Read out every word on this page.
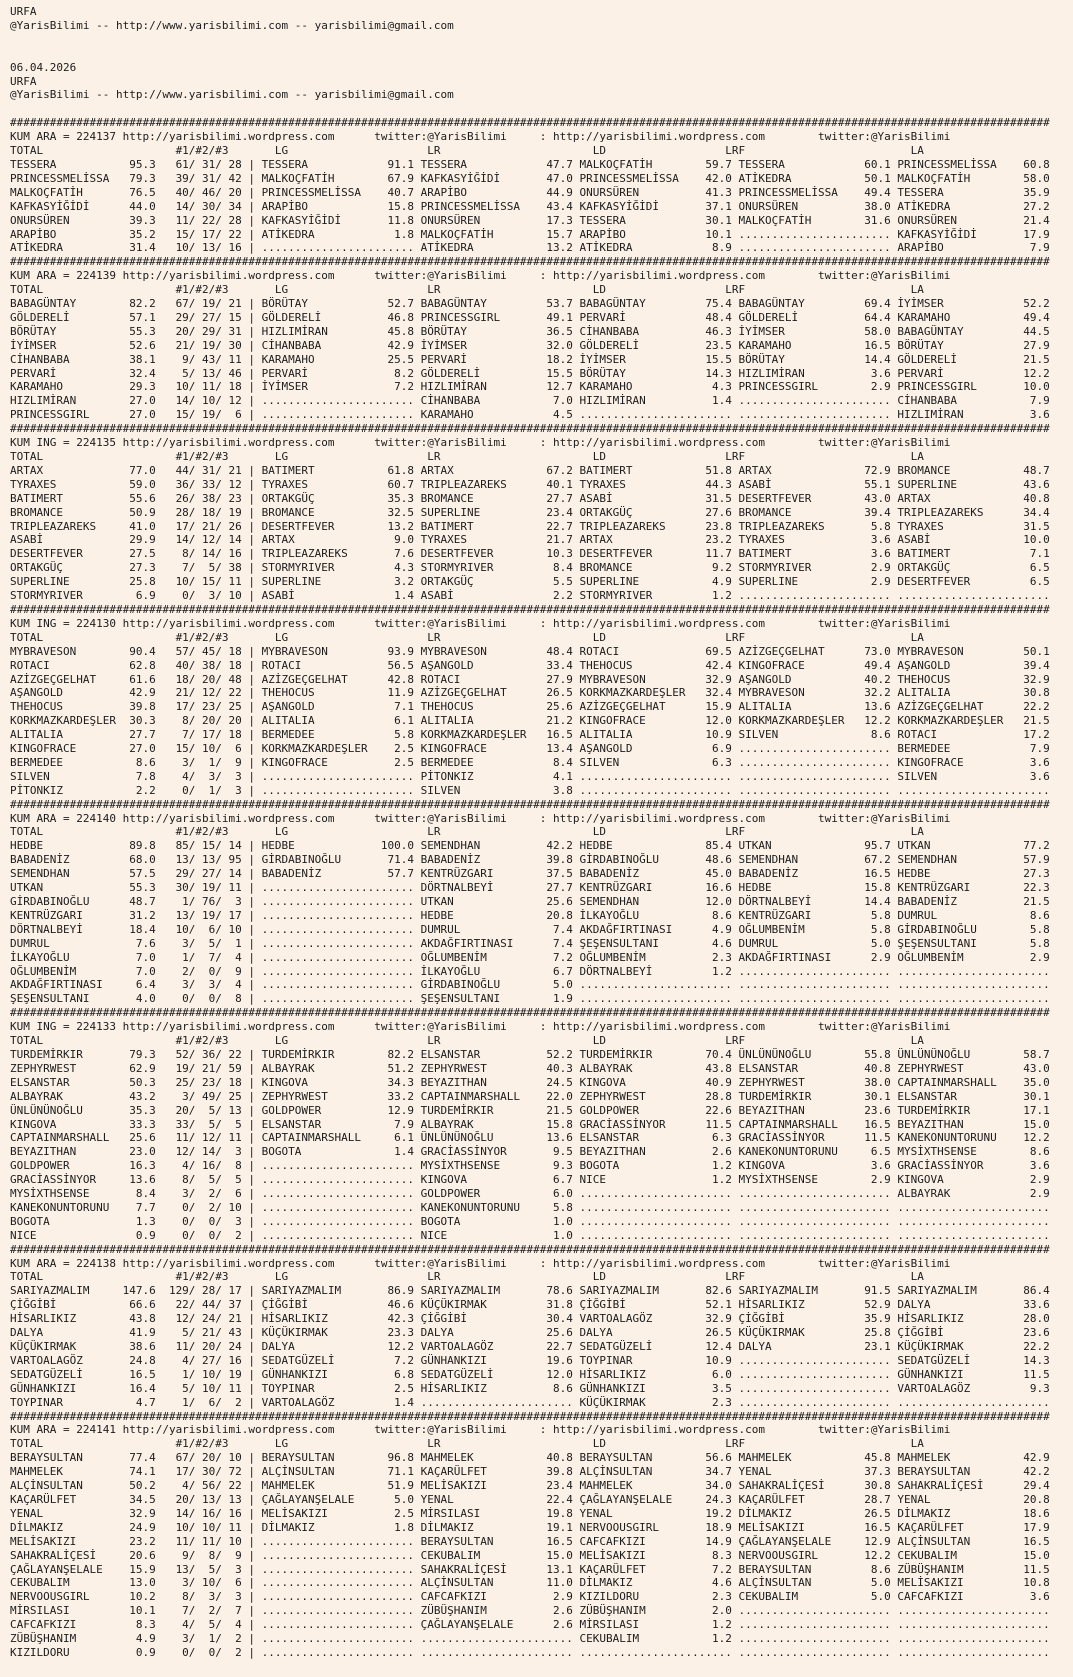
URFA
@YarisBilimi -- http://www.yarisbilimi.com -- yarisbilimi@gmail.com

06.04.2026
URFA
@YarisBilimi -- http://www.yarisbilimi.com -- yarisbilimi@gmail.com

#############################################################################################################################################################
KUM ARA = 224137 http://yarisbilimi.wordpress.com      twitter:@YarisBilimi     : http://yarisbilimi.wordpress.com        twitter:@YarisBilimi
TOTAL                    #1/#2/#3       LG                     LR                       LD                  LRF                         LA
TESSERA           95.3   61/ 31/ 28 | TESSERA            91.1 TESSERA            47.7 MALKOÇFATİH        59.7 TESSERA            60.1 PRINCESSMELİSSA    60.8
PRINCESSMELİSSA   79.3   39/ 31/ 42 | MALKOÇFATİH        67.9 KAFKASYİĞİDİ       47.0 PRINCESSMELİSSA    42.0 ATİKEDRA           50.1 MALKOÇFATİH        58.0
MALKOÇFATİH       76.5   40/ 46/ 20 | PRINCESSMELİSSA    40.7 ARAPİBO            44.9 ONURSÜREN          41.3 PRINCESSMELİSSA    49.4 TESSERA            35.9
KAFKASYİĞİDİ      44.0   14/ 30/ 34 | ARAPİBO            15.8 PRINCESSMELİSSA    43.4 KAFKASYİĞİDİ       37.1 ONURSÜREN          38.0 ATİKEDRA           27.2
ONURSÜREN         39.3   11/ 22/ 28 | KAFKASYİĞİDİ       11.8 ONURSÜREN          17.3 TESSERA            30.1 MALKOÇFATİH        31.6 ONURSÜREN          21.4
ARAPİBO           35.2   15/ 17/ 22 | ATİKEDRA            1.8 MALKOÇFATİH        15.7 ARAPİBO            10.1 ....................... KAFKASYİĞİDİ       17.9
ATİKEDRA          31.4   10/ 13/ 16 | ....................... ATİKEDRA           13.2 ATİKEDRA            8.9 ....................... ARAPİBO             7.9
#############################################################################################################################################################
KUM ARA = 224139 http://yarisbilimi.wordpress.com      twitter:@YarisBilimi     : http://yarisbilimi.wordpress.com        twitter:@YarisBilimi
TOTAL                    #1/#2/#3       LG                     LR                       LD                  LRF                         LA
BABAGÜNTAY        82.2   67/ 19/ 21 | BÖRÜTAY            52.7 BABAGÜNTAY         53.7 BABAGÜNTAY         75.4 BABAGÜNTAY         69.4 İYİMSER            52.2
GÖLDERELİ         57.1   29/ 27/ 15 | GÖLDERELİ          46.8 PRINCESSGIRL       49.1 PERVARİ            48.4 GÖLDERELİ          64.4 KARAMAHO           49.4
BÖRÜTAY           55.3   20/ 29/ 31 | HIZLIMİRAN         45.8 BÖRÜTAY            36.5 CİHANBABA          46.3 İYİMSER            58.0 BABAGÜNTAY         44.5
İYİMSER           52.6   21/ 19/ 30 | CİHANBABA          42.9 İYİMSER            32.0 GÖLDERELİ          23.5 KARAMAHO           16.5 BÖRÜTAY            27.9
CİHANBABA         38.1    9/ 43/ 11 | KARAMAHO           25.5 PERVARİ            18.2 İYİMSER            15.5 BÖRÜTAY            14.4 GÖLDERELİ          21.5
PERVARİ           32.4    5/ 13/ 46 | PERVARİ             8.2 GÖLDERELİ          15.5 BÖRÜTAY            14.3 HIZLIMİRAN          3.6 PERVARİ            12.2
KARAMAHO          29.3   10/ 11/ 18 | İYİMSER             7.2 HIZLIMİRAN         12.7 KARAMAHO            4.3 PRINCESSGIRL        2.9 PRINCESSGIRL       10.0
HIZLIMİRAN        27.0   14/ 10/ 12 | ....................... CİHANBABA           7.0 HIZLIMİRAN          1.4 ....................... CİHANBABA           7.9
PRINCESSGIRL      27.0   15/ 19/  6 | ....................... KARAMAHO            4.5 ....................... ....................... HIZLIMİRAN          3.6
#############################################################################################################################################################
KUM ING = 224135 http://yarisbilimi.wordpress.com      twitter:@YarisBilimi     : http://yarisbilimi.wordpress.com        twitter:@YarisBilimi
TOTAL                    #1/#2/#3       LG                     LR                       LD                  LRF                         LA
ARTAX             77.0   44/ 31/ 21 | BATIMERT           61.8 ARTAX              67.2 BATIMERT           51.8 ARTAX              72.9 BROMANCE           48.7
TYRAXES           59.0   36/ 33/ 12 | TYRAXES            60.7 TRIPLEAZAREKS      40.1 TYRAXES            44.3 ASABİ              55.1 SUPERLINE          43.6
BATIMERT          55.6   26/ 38/ 23 | ORTAKGÜÇ           35.3 BROMANCE           27.7 ASABİ              31.5 DESERTFEVER        43.0 ARTAX              40.8
BROMANCE          50.9   28/ 18/ 19 | BROMANCE           32.5 SUPERLINE          23.4 ORTAKGÜÇ           27.6 BROMANCE           39.4 TRIPLEAZAREKS      34.4
TRIPLEAZAREKS     41.0   17/ 21/ 26 | DESERTFEVER        13.2 BATIMERT           22.7 TRIPLEAZAREKS      23.8 TRIPLEAZAREKS       5.8 TYRAXES            31.5
ASABİ             29.9   14/ 12/ 14 | ARTAX               9.0 TYRAXES            21.7 ARTAX              23.2 TYRAXES             3.6 ASABİ              10.0
DESERTFEVER       27.5    8/ 14/ 16 | TRIPLEAZAREKS       7.6 DESERTFEVER        10.3 DESERTFEVER        11.7 BATIMERT            3.6 BATIMERT            7.1
ORTAKGÜÇ          27.3    7/  5/ 38 | STORMYRIVER         4.3 STORMYRIVER         8.4 BROMANCE            9.2 STORMYRIVER         2.9 ORTAKGÜÇ            6.5
SUPERLINE         25.8   10/ 15/ 11 | SUPERLINE           3.2 ORTAKGÜÇ            5.5 SUPERLINE           4.9 SUPERLINE           2.9 DESERTFEVER         6.5
STORMYRIVER        6.9    0/  3/ 10 | ASABİ               1.4 ASABİ               2.2 STORMYRIVER         1.2 ....................... .......................
#############################################################################################################################################################
KUM ING = 224130 http://yarisbilimi.wordpress.com      twitter:@YarisBilimi     : http://yarisbilimi.wordpress.com        twitter:@YarisBilimi
TOTAL                    #1/#2/#3       LG                     LR                       LD                  LRF                         LA
MYBRAVESON        90.4   57/ 45/ 18 | MYBRAVESON         93.9 MYBRAVESON         48.4 ROTACI             69.5 AZİZGEÇGELHAT      73.0 MYBRAVESON         50.1
ROTACI            62.8   40/ 38/ 18 | ROTACI             56.5 AŞANGOLD           33.4 THEHOCUS           42.4 KINGOFRACE         49.4 AŞANGOLD           39.4
AZİZGEÇGELHAT     61.6   18/ 20/ 48 | AZİZGEÇGELHAT      42.8 ROTACI             27.9 MYBRAVESON         32.9 AŞANGOLD           40.2 THEHOCUS           32.9
AŞANGOLD          42.9   21/ 12/ 22 | THEHOCUS           11.9 AZİZGEÇGELHAT      26.5 KORKMAZKARDEŞLER   32.4 MYBRAVESON         32.2 ALITALIA           30.8
THEHOCUS          39.8   17/ 23/ 25 | AŞANGOLD            7.1 THEHOCUS           25.6 AZİZGEÇGELHAT      15.9 ALITALIA           13.6 AZİZGEÇGELHAT      22.2
KORKMAZKARDEŞLER  30.3    8/ 20/ 20 | ALITALIA            6.1 ALITALIA           21.2 KINGOFRACE         12.0 KORKMAZKARDEŞLER   12.2 KORKMAZKARDEŞLER   21.5
ALITALIA          27.7    7/ 17/ 18 | BERMEDEE            5.8 KORKMAZKARDEŞLER   16.5 ALITALIA           10.9 SILVEN              8.6 ROTACI             17.2
KINGOFRACE        27.0   15/ 10/  6 | KORKMAZKARDEŞLER    2.5 KINGOFRACE         13.4 AŞANGOLD            6.9 ....................... BERMEDEE            7.9
BERMEDEE           8.6    3/  1/  9 | KINGOFRACE          2.5 BERMEDEE            8.4 SILVEN              6.3 ....................... KINGOFRACE          3.6
SILVEN             7.8    4/  3/  3 | ....................... PİTONKIZ            4.1 ....................... ....................... SILVEN              3.6
PİTONKIZ           2.2    0/  1/  3 | ....................... SILVEN              3.8 ....................... ....................... .......................
#############################################################################################################################################################
KUM ARA = 224140 http://yarisbilimi.wordpress.com      twitter:@YarisBilimi     : http://yarisbilimi.wordpress.com        twitter:@YarisBilimi
TOTAL                    #1/#2/#3       LG                     LR                       LD                  LRF                         LA
HEDBE             89.8   85/ 15/ 14 | HEDBE             100.0 SEMENDHAN          42.2 HEDBE              85.4 UTKAN              95.7 UTKAN              77.2
BABADENİZ         68.0   13/ 13/ 95 | GİRDABINOĞLU       71.4 BABADENİZ          39.8 GİRDABINOĞLU       48.6 SEMENDHAN          67.2 SEMENDHAN          57.9
SEMENDHAN         57.5   29/ 27/ 14 | BABADENİZ          57.7 KENTRÜZGARI        37.5 BABADENİZ          45.0 BABADENİZ          16.5 HEDBE              27.3
UTKAN             55.3   30/ 19/ 11 | ....................... DÖRTNALBEYİ        27.7 KENTRÜZGARI        16.6 HEDBE              15.8 KENTRÜZGARI        22.3
GİRDABINOĞLU      48.7    1/ 76/  3 | ....................... UTKAN              25.6 SEMENDHAN          12.0 DÖRTNALBEYİ        14.4 BABADENİZ          21.5
KENTRÜZGARI       31.2   13/ 19/ 17 | ....................... HEDBE              20.8 İLKAYOĞLU           8.6 KENTRÜZGARI         5.8 DUMRUL              8.6
DÖRTNALBEYİ       18.4   10/  6/ 10 | ....................... DUMRUL              7.4 AKDAĞFIRTINASI      4.9 OĞLUMBENİM          5.8 GİRDABINOĞLU        5.8
DUMRUL             7.6    3/  5/  1 | ....................... AKDAĞFIRTINASI      7.4 ŞEŞENSULTANI        4.6 DUMRUL              5.0 ŞEŞENSULTANI        5.8
İLKAYOĞLU          7.0    1/  7/  4 | ....................... OĞLUMBENİM          7.2 OĞLUMBENİM          2.3 AKDAĞFIRTINASI      2.9 OĞLUMBENİM          2.9
OĞLUMBENİM         7.0    2/  0/  9 | ....................... İLKAYOĞLU           6.7 DÖRTNALBEYİ         1.2 ....................... .......................
AKDAĞFIRTINASI     6.4    3/  3/  4 | ....................... GİRDABINOĞLU        5.0 ....................... ....................... .......................
ŞEŞENSULTANI       4.0    0/  0/  8 | ....................... ŞEŞENSULTANI        1.9 ....................... ....................... .......................
#############################################################################################################################################################
KUM ING = 224133 http://yarisbilimi.wordpress.com      twitter:@YarisBilimi     : http://yarisbilimi.wordpress.com        twitter:@YarisBilimi
TOTAL                    #1/#2/#3       LG                     LR                       LD                  LRF                         LA
TURDEMİRKIR       79.3   52/ 36/ 22 | TURDEMİRKIR        82.2 ELSANSTAR          52.2 TURDEMİRKIR        70.4 ÜNLÜNÜNOĞLU        55.8 ÜNLÜNÜNOĞLU        58.7
ZEPHYRWEST        62.9   19/ 21/ 59 | ALBAYRAK           51.2 ZEPHYRWEST         40.3 ALBAYRAK           43.8 ELSANSTAR          40.8 ZEPHYRWEST         43.0
ELSANSTAR         50.3   25/ 23/ 18 | KINGOVA            34.3 BEYAZITHAN         24.5 KINGOVA            40.9 ZEPHYRWEST         38.0 CAPTAINMARSHALL    35.0
ALBAYRAK          43.2    3/ 49/ 25 | ZEPHYRWEST         33.2 CAPTAINMARSHALL    22.0 ZEPHYRWEST         28.8 TURDEMİRKIR        30.1 ELSANSTAR          30.1
ÜNLÜNÜNOĞLU       35.3   20/  5/ 13 | GOLDPOWER          12.9 TURDEMİRKIR        21.5 GOLDPOWER          22.6 BEYAZITHAN         23.6 TURDEMİRKIR        17.1
KINGOVA           33.3   33/  5/  5 | ELSANSTAR           7.9 ALBAYRAK           15.8 GRACİASSİNYOR      11.5 CAPTAINMARSHALL    16.5 BEYAZITHAN         15.0
CAPTAINMARSHALL   25.6   11/ 12/ 11 | CAPTAINMARSHALL     6.1 ÜNLÜNÜNOĞLU        13.6 ELSANSTAR           6.3 GRACİASSİNYOR      11.5 KANEKONUNTORUNU    12.2
BEYAZITHAN        23.0   12/ 14/  3 | BOGOTA              1.4 GRACİASSİNYOR       9.5 BEYAZITHAN          2.6 KANEKONUNTORUNU     6.5 MYSİXTHSENSE        8.6
GOLDPOWER         16.3    4/ 16/  8 | ....................... MYSİXTHSENSE        9.3 BOGOTA              1.2 KINGOVA             3.6 GRACİASSİNYOR       3.6
GRACİASSİNYOR     13.6    8/  5/  5 | ....................... KINGOVA             6.7 NICE                1.2 MYSİXTHSENSE        2.9 KINGOVA             2.9
MYSİXTHSENSE       8.4    3/  2/  6 | ....................... GOLDPOWER           6.0 ....................... ....................... ALBAYRAK            2.9
KANEKONUNTORUNU    7.7    0/  2/ 10 | ....................... KANEKONUNTORUNU     5.8 ....................... ....................... .......................
BOGOTA             1.3    0/  0/  3 | ....................... BOGOTA              1.0 ....................... ....................... .......................
NICE               0.9    0/  0/  2 | ....................... NICE                1.0 ....................... ....................... .......................
#############################################################################################################################################################
KUM ARA = 224138 http://yarisbilimi.wordpress.com      twitter:@YarisBilimi     : http://yarisbilimi.wordpress.com        twitter:@YarisBilimi
TOTAL                    #1/#2/#3       LG                     LR                       LD                  LRF                         LA
SARIYAZMALIM     147.6  129/ 28/ 17 | SARIYAZMALIM       86.9 SARIYAZMALIM       78.6 SARIYAZMALIM       82.6 SARIYAZMALIM       91.5 SARIYAZMALIM       86.4
ÇİĞGİBİ           66.6   22/ 44/ 37 | ÇİĞGİBİ            46.6 KÜÇÜKIRMAK         31.8 ÇİĞGİBİ            52.1 HİSARLIKIZ         52.9 DALYA              33.6
HİSARLIKIZ        43.8   12/ 24/ 21 | HİSARLIKIZ         42.3 ÇİĞGİBİ            30.4 VARTOALAGÖZ        32.9 ÇİĞGİBİ            35.9 HİSARLIKIZ         28.0
DALYA             41.9    5/ 21/ 43 | KÜÇÜKIRMAK         23.3 DALYA              25.6 DALYA              26.5 KÜÇÜKIRMAK         25.8 ÇİĞGİBİ            23.6
KÜÇÜKIRMAK        38.6   11/ 20/ 24 | DALYA              12.2 VARTOALAGÖZ        22.7 SEDATGÜZELİ        12.4 DALYA              23.1 KÜÇÜKIRMAK         22.2
VARTOALAGÖZ       24.8    4/ 27/ 16 | SEDATGÜZELİ         7.2 GÜNHANKIZI         19.6 TOYPINAR           10.9 ....................... SEDATGÜZELİ        14.3
SEDATGÜZELİ       16.5    1/ 10/ 19 | GÜNHANKIZI          6.8 SEDATGÜZELİ        12.0 HİSARLIKIZ          6.0 ....................... GÜNHANKIZI         11.5
GÜNHANKIZI        16.4    5/ 10/ 11 | TOYPINAR            2.5 HİSARLIKIZ          8.6 GÜNHANKIZI          3.5 ....................... VARTOALAGÖZ         9.3
TOYPINAR           4.7    1/  6/  2 | VARTOALAGÖZ         1.4 ....................... KÜÇÜKIRMAK          2.3 ....................... .......................
#############################################################################################################################################################
KUM ARA = 224141 http://yarisbilimi.wordpress.com      twitter:@YarisBilimi     : http://yarisbilimi.wordpress.com        twitter:@YarisBilimi
TOTAL                    #1/#2/#3       LG                     LR                       LD                  LRF                         LA
BERAYSULTAN       77.4   67/ 20/ 10 | BERAYSULTAN        96.8 MAHMELEK           40.8 BERAYSULTAN        56.6 MAHMELEK           45.8 MAHMELEK           42.9
MAHMELEK          74.1   17/ 30/ 72 | ALÇİNSULTAN        71.1 KAÇARÜLFET         39.8 ALÇİNSULTAN        34.7 YENAL              37.3 BERAYSULTAN        42.2
ALÇİNSULTAN       50.2    4/ 56/ 22 | MAHMELEK           51.9 MELİSAKIZI         23.4 MAHMELEK           34.0 SAHAKRALİÇESİ      30.8 SAHAKRALİÇESİ      29.4
KAÇARÜLFET        34.5   20/ 13/ 13 | ÇAĞLAYANŞELALE      5.0 YENAL              22.4 ÇAĞLAYANŞELALE     24.3 KAÇARÜLFET         28.7 YENAL              20.8
YENAL             32.9   14/ 16/ 16 | MELİSAKIZI          2.5 MİRSILASI          19.8 YENAL              19.2 DİLMAKIZ           26.5 DİLMAKIZ           18.6
DİLMAKIZ          24.9   10/ 10/ 11 | DİLMAKIZ            1.8 DİLMAKIZ           19.1 NERVOOUSGIRL       18.9 MELİSAKIZI         16.5 KAÇARÜLFET         17.9
MELİSAKIZI        23.2   11/ 11/ 10 | ....................... BERAYSULTAN        16.5 CAFCAFKIZI         14.9 ÇAĞLAYANŞELALE     12.9 ALÇİNSULTAN        16.5
SAHAKRALİÇESİ     20.6    9/  8/  9 | ....................... CEKUBALIM          15.0 MELİSAKIZI          8.3 NERVOOUSGIRL       12.2 CEKUBALIM          15.0
ÇAĞLAYANŞELALE    15.9   13/  5/  3 | ....................... SAHAKRALİÇESİ      13.1 KAÇARÜLFET          7.2 BERAYSULTAN         8.6 ZÜBÜŞHANIM         11.5
CEKUBALIM         13.0    3/ 10/  6 | ....................... ALÇİNSULTAN        11.0 DİLMAKIZ            4.6 ALÇİNSULTAN         5.0 MELİSAKIZI         10.8
NERVOOUSGIRL      10.2    8/  3/  3 | ....................... CAFCAFKIZI          2.9 KIZILDORU           2.3 CEKUBALIM           5.0 CAFCAFKIZI          3.6
MİRSILASI         10.1    7/  2/  7 | ....................... ZÜBÜŞHANIM          2.6 ZÜBÜŞHANIM          2.0 ....................... .......................
CAFCAFKIZI         8.3    4/  5/  4 | ....................... ÇAĞLAYANŞELALE      2.6 MİRSILASI           1.2 ....................... .......................
ZÜBÜŞHANIM         4.9    3/  1/  2 | ....................... ....................... CEKUBALIM           1.2 ....................... .......................
KIZILDORU          0.9    0/  0/  2 | ....................... ....................... ....................... ....................... .......................
